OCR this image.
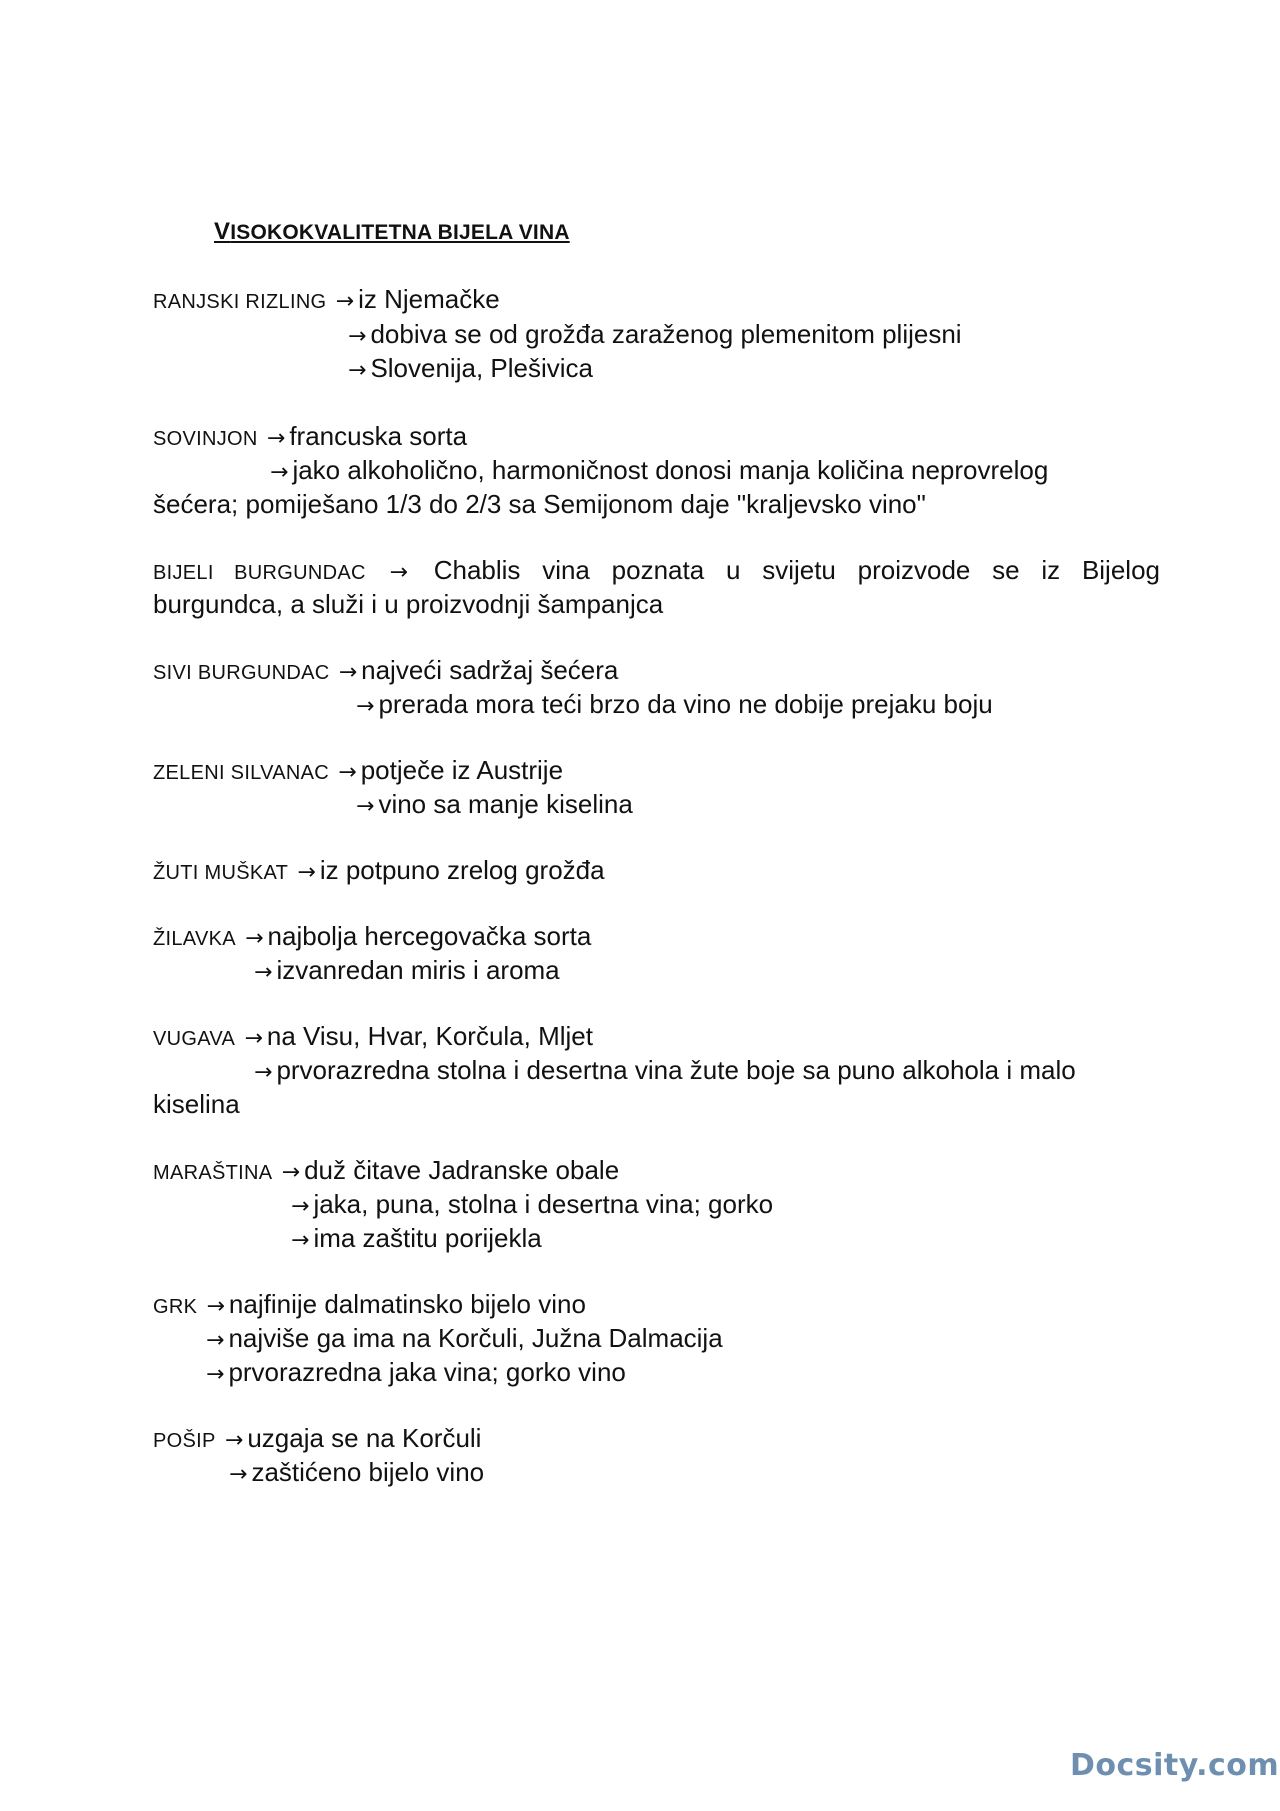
VISOKOKVALITETNA BIJELA VINA

RANJSKI RIZLING → iz Njemačke

→ dobiva se od grožđa zaraženog plemenitom plijesni

→ Slovenija, Plešivica

SOVINJON → francuska sorta

→ jako alkoholično, harmoničnost donosi manja količina neprovrelog

šećera; pomiješano 1/3 do 2/3 sa Semijonom daje "kraljevsko vino"

BIJELI BURGUNDAC → Chablis vina poznata u svijetu proizvode se iz Bijelog

burgundca, a služi i u proizvodnji šampanjca

SIVI BURGUNDAC → najveći sadržaj šećera

→ prerada mora teći brzo da vino ne dobije prejaku boju

ZELENI SILVANAC → potječe iz Austrije

→ vino sa manje kiselina

ŽUTI MUŠKAT → iz potpuno zrelog grožđa

ŽILAVKA → najbolja hercegovačka sorta

→ izvanredan miris i aroma

VUGAVA → na Visu, Hvar, Korčula, Mljet

→ prvorazredna stolna i desertna vina žute boje sa puno alkohola i malo

kiselina

MARAŠTINA → duž čitave Jadranske obale

→ jaka, puna, stolna i desertna vina; gorko

→ ima zaštitu porijekla

GRK → najfinije dalmatinsko bijelo vino

→ najviše ga ima na Korčuli, Južna Dalmacija

→ prvorazredna jaka vina; gorko vino

POŠIP → uzgaja se na Korčuli

→ zaštićeno bijelo vino

Docsity.com
